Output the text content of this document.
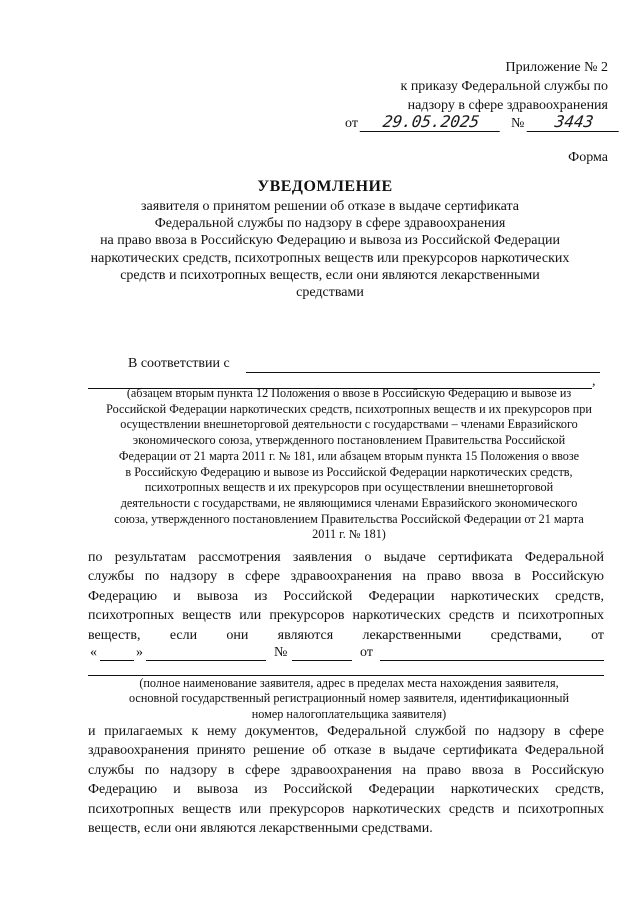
Приложение № 2
к приказу Федеральной службы по
надзору в сфере здравоохранения
от 29.05.2025 № 3443
Форма
УВЕДОМЛЕНИЕ
заявителя о принятом решении об отказе в выдаче сертификата
Федеральной службы по надзору в сфере здравоохранения
на право ввоза в Российскую Федерацию и вывоза из Российской Федерации
наркотических средств, психотропных веществ или прекурсоров наркотических
средств и психотропных веществ, если они являются лекарственными
средствами
В соответствии с
,
(абзацем вторым пункта 12 Положения о ввозе в Российскую Федерацию и вывозе из
Российской Федерации наркотических средств, психотропных веществ и их прекурсоров при
осуществлении внешнеторговой деятельности с государствами – членами Евразийского
экономического союза, утвержденного постановлением Правительства Российской
Федерации от 21 марта 2011 г. № 181, или абзацем вторым пункта 15 Положения о ввозе
в Российскую Федерацию и вывозе из Российской Федерации наркотических средств,
психотропных веществ и их прекурсоров при осуществлении внешнеторговой
деятельности с государствами, не являющимися членами Евразийского экономического
союза, утвержденного постановлением Правительства Российской Федерации от 21 марта
2011 г. № 181)
по результатам рассмотрения заявления о выдаче сертификата Федеральной
службы по надзору в сфере здравоохранения на право ввоза в Российскую
Федерацию и вывоза из Российской Федерации наркотических средств,
психотропных веществ или прекурсоров наркотических средств и психотропных
веществ, если они являются лекарственными средствами, от
«	»	№	от
(полное наименование заявителя, адрес в пределах места нахождения заявителя,
основной государственный регистрационный номер заявителя, идентификационный
номер налогоплательщика заявителя)
и прилагаемых к нему документов, Федеральной службой по надзору в сфере
здравоохранения принято решение об отказе в выдаче сертификата Федеральной
службы по надзору в сфере здравоохранения на право ввоза в Российскую
Федерацию и вывоза из Российской Федерации наркотических средств,
психотропных веществ или прекурсоров наркотических средств и психотропных
веществ, если они являются лекарственными средствами.
